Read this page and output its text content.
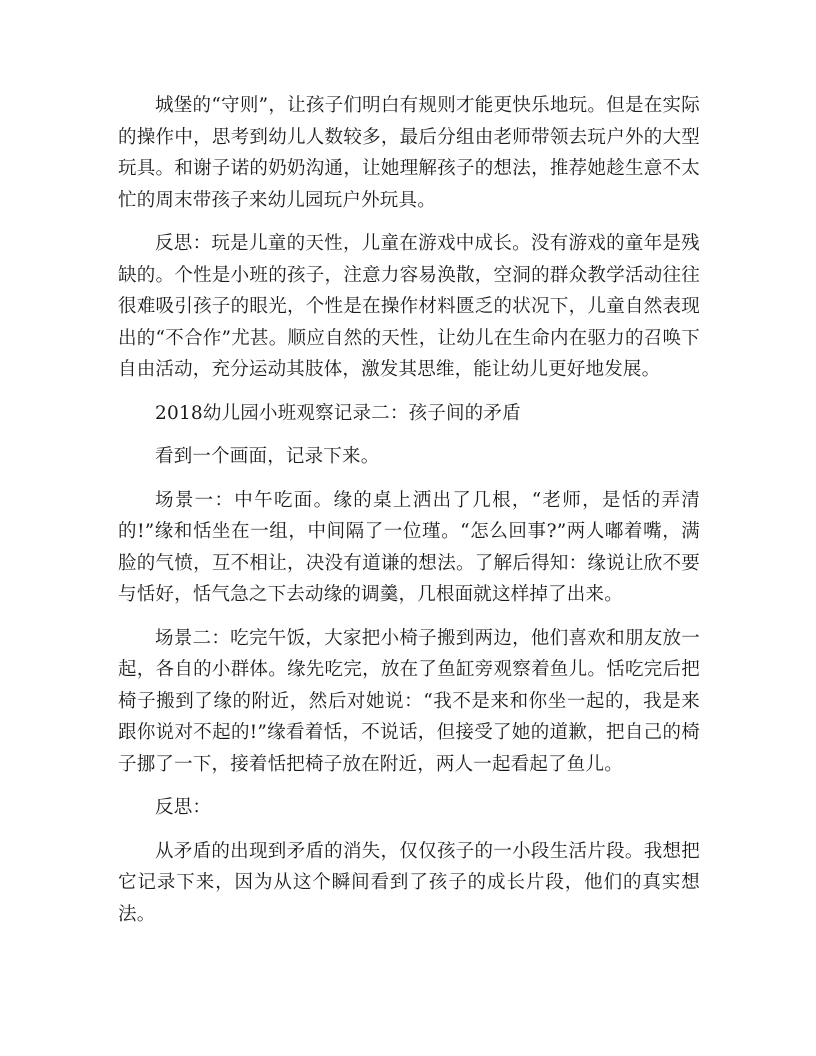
城堡的“守则”，让孩子们明白有规则才能更快乐地玩。但是在实际的操作中，思考到幼儿人数较多，最后分组由老师带领去玩户外的大型玩具。和谢子诺的奶奶沟通，让她理解孩子的想法，推荐她趁生意不太忙的周末带孩子来幼儿园玩户外玩具。

反思：玩是儿童的天性，儿童在游戏中成长。没有游戏的童年是残缺的。个性是小班的孩子，注意力容易涣散，空洞的群众教学活动往往很难吸引孩子的眼光，个性是在操作材料匮乏的状况下，儿童自然表现出的“不合作”尤甚。顺应自然的天性，让幼儿在生命内在驱力的召唤下自由活动，充分运动其肢体，激发其思维，能让幼儿更好地发展。

2018幼儿园小班观察记录二：孩子间的矛盾

看到一个画面，记录下来。

场景一：中午吃面。缘的桌上洒出了几根，“老师，是恬的弄清的!”缘和恬坐在一组，中间隔了一位瑾。“怎么回事?”两人嘟着嘴，满脸的气愤，互不相让，决没有道谦的想法。了解后得知：缘说让欣不要与恬好，恬气急之下去动缘的调羹，几根面就这样掉了出来。

场景二：吃完午饭，大家把小椅子搬到两边，他们喜欢和朋友放一起，各自的小群体。缘先吃完，放在了鱼缸旁观察着鱼儿。恬吃完后把椅子搬到了缘的附近，然后对她说：“我不是来和你坐一起的，我是来跟你说对不起的!”缘看着恬，不说话，但接受了她的道歉，把自己的椅子挪了一下，接着恬把椅子放在附近，两人一起看起了鱼儿。

反思：

从矛盾的出现到矛盾的消失，仅仅孩子的一小段生活片段。我想把它记录下来，因为从这个瞬间看到了孩子的成长片段，他们的真实想法。
